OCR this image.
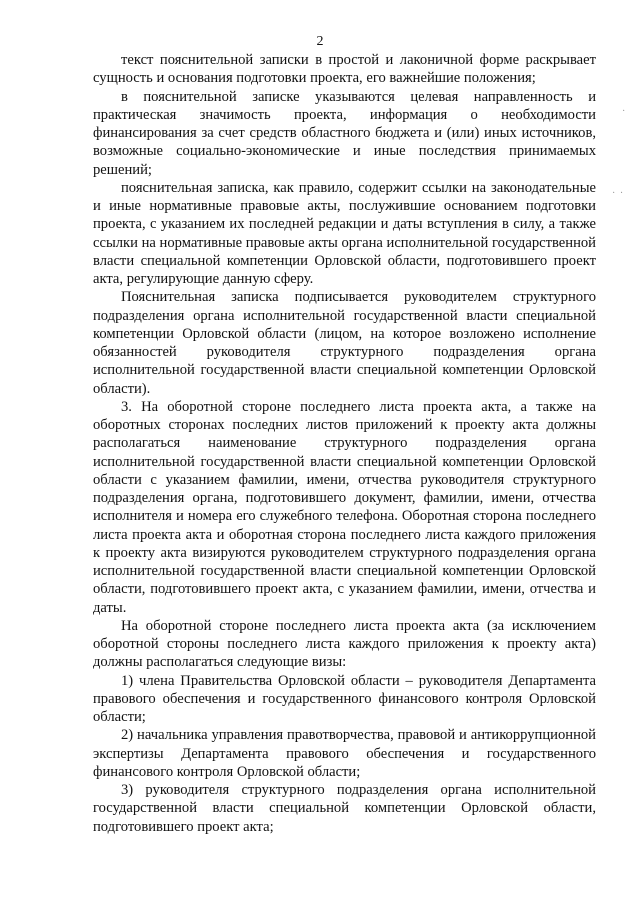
2
·
· ·

текст пояснительной записки в простой и лаконичной форме раскрывает сущность и основания подготовки проекта, его важнейшие положения;

в пояснительной записке указываются целевая направленность и практическая значимость проекта, информация о необходимости финансирования за счет средств областного бюджета и (или) иных источников, возможные социально-экономические и иные последствия принимаемых решений;

пояснительная записка, как правило, содержит ссылки на законодательные и иные нормативные правовые акты, послужившие основанием подготовки проекта, с указанием их последней редакции и даты вступления в силу, а также ссылки на нормативные правовые акты органа исполнительной государственной власти специальной компетенции Орловской области, подготовившего проект акта, регулирующие данную сферу.

Пояснительная записка подписывается руководителем структурного подразделения органа исполнительной государственной власти специальной компетенции Орловской области (лицом, на которое возложено исполнение обязанностей руководителя структурного подразделения органа исполнительной государственной власти специальной компетенции Орловской области).

3. На оборотной стороне последнего листа проекта акта, а также на оборотных сторонах последних листов приложений к проекту акта должны располагаться наименование структурного подразделения органа исполнительной государственной власти специальной компетенции Орловской области с указанием фамилии, имени, отчества руководителя структурного подразделения органа, подготовившего документ, фамилии, имени, отчества исполнителя и номера его служебного телефона. Оборотная сторона последнего листа проекта акта и оборотная сторона последнего листа каждого приложения к проекту акта визируются руководителем структурного подразделения органа исполнительной государственной власти специальной компетенции Орловской области, подготовившего проект акта, с указанием фамилии, имени, отчества и даты.

На оборотной стороне последнего листа проекта акта (за исключением оборотной стороны последнего листа каждого приложения к проекту акта) должны располагаться следующие визы:

1) члена Правительства Орловской области – руководителя Департамента правового обеспечения и государственного финансового контроля Орловской области;

2) начальника управления правотворчества, правовой и антикоррупционной экспертизы Департамента правового обеспечения и государственного финансового контроля Орловской области;

3) руководителя структурного подразделения органа исполнительной государственной власти специальной компетенции Орловской области, подготовившего проект акта;
